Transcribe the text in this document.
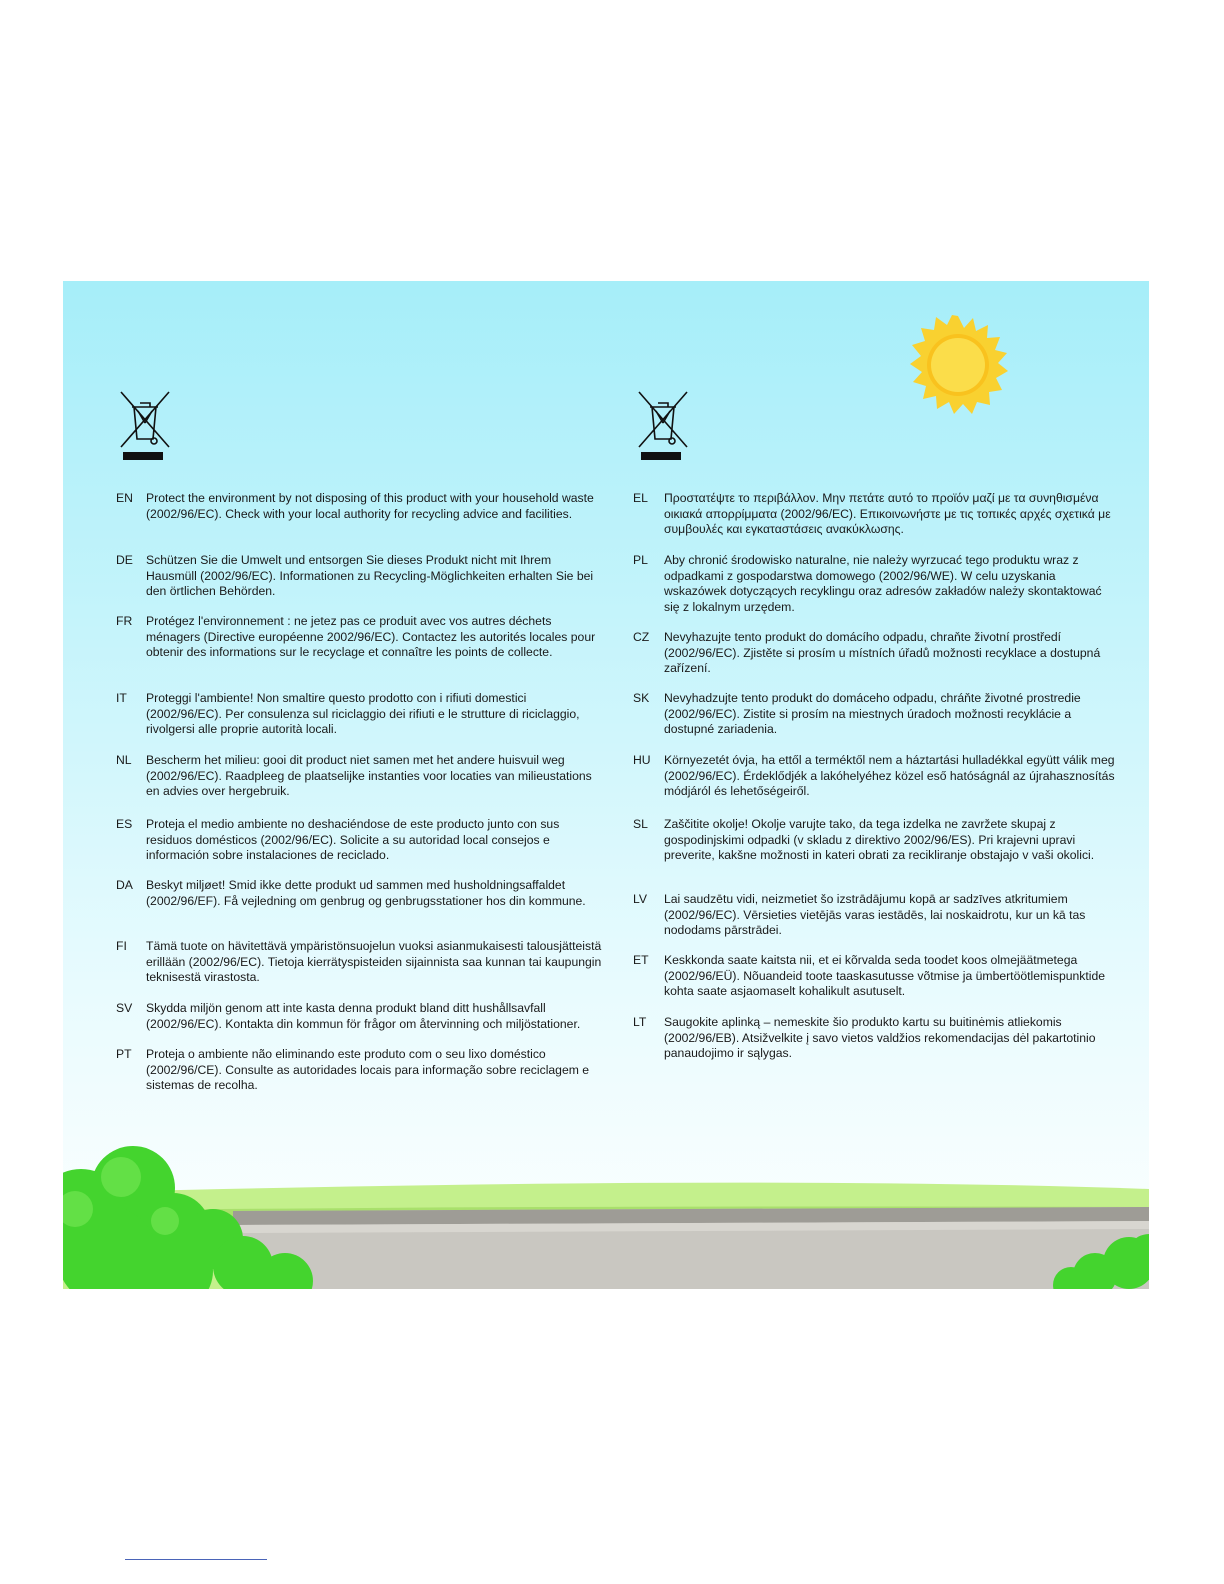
EN	Protect the environment by not disposing of this product with your household waste (2002/96/EC). Check with your local authority for recycling advice and facilities.
DE	Schützen Sie die Umwelt und entsorgen Sie dieses Produkt nicht mit Ihrem Hausmüll (2002/96/EC). Informationen zu Recycling-Möglichkeiten erhalten Sie bei den örtlichen Behörden.
FR	Protégez l'environnement : ne jetez pas ce produit avec vos autres déchets ménagers (Directive européenne 2002/96/EC). Contactez les autorités locales pour obtenir des informations sur le recyclage et connaître les points de collecte.
IT	Proteggi l'ambiente! Non smaltire questo prodotto con i rifiuti domestici (2002/96/EC). Per consulenza sul riciclaggio dei rifiuti e le strutture di riciclaggio, rivolgersi alle proprie autorità locali.
NL	Bescherm het milieu: gooi dit product niet samen met het andere huisvuil weg (2002/96/EC). Raadpleeg de plaatselijke instanties voor locaties van milieustations en advies over hergebruik.
ES	Proteja el medio ambiente no deshaciéndose de este producto junto con sus residuos domésticos (2002/96/EC). Solicite a su autoridad local consejos e información sobre instalaciones de reciclado.
DA	Beskyt miljøet! Smid ikke dette produkt ud sammen med husholdningsaffaldet (2002/96/EF). Få vejledning om genbrug og genbrugsstationer hos din kommune.
FI	Tämä tuote on hävitettävä ympäristönsuojelun vuoksi asianmukaisesti talousjätteistä erillään (2002/96/EC). Tietoja kierrätyspisteiden sijainnista saa kunnan tai kaupungin teknisestä virastosta.
SV	Skydda miljön genom att inte kasta denna produkt bland ditt hushållsavfall (2002/96/EC). Kontakta din kommun för frågor om återvinning och miljöstationer.
PT	Proteja o ambiente não eliminando este produto com o seu lixo doméstico (2002/96/CE). Consulte as autoridades locais para informação sobre reciclagem e sistemas de recolha.
EL	Προστατέψτε το περιβάλλον. Μην πετάτε αυτό το προϊόν μαζί με τα συνηθισμένα οικιακά απορρίμματα (2002/96/EC). Επικοινωνήστε με τις τοπικές αρχές σχετικά με συμβουλές και εγκαταστάσεις ανακύκλωσης.
PL	Aby chronić środowisko naturalne, nie należy wyrzucać tego produktu wraz z odpadkami z gospodarstwa domowego (2002/96/WE). W celu uzyskania wskazówek dotyczących recyklingu oraz adresów zakładów należy skontaktować się z lokalnym urzędem.
CZ	Nevyhazujte tento produkt do domácího odpadu, chraňte životní prostředí (2002/96/EC). Zjistěte si prosím u místních úřadů možnosti recyklace a dostupná zařízení.
SK	Nevyhadzujte tento produkt do domáceho odpadu, chráňte životné prostredie (2002/96/EC). Zistite si prosím na miestnych úradoch možnosti recyklácie a dostupné zariadenia.
HU	Környezetét óvja, ha ettől a terméktől nem a háztartási hulladékkal együtt válik meg (2002/96/EC). Érdeklődjék a lakóhelyéhez közel eső hatóságnál az újrahasznosítás módjáról és lehetőségeiről.
SL	Zaščitite okolje! Okolje varujte tako, da tega izdelka ne zavržete skupaj z gospodinjskimi odpadki (v skladu z direktivo 2002/96/ES). Pri krajevni upravi preverite, kakšne možnosti in kateri obrati za recikliranje obstajajo v vaši okolici.
LV	Lai saudzētu vidi, neizmetiet šo izstrādājumu kopā ar sadzīves atkritumiem (2002/96/EC). Vērsieties vietējās varas iestādēs, lai noskaidrotu, kur un kā tas nododams pārstrādei.
ET	Keskkonda saate kaitsta nii, et ei kõrvalda seda toodet koos olmejäätmetega (2002/96/EÜ). Nõuandeid toote taaskasutusse võtmise ja ümbertöötlemispunktide kohta saate asjaomaselt kohalikult asutuselt.
LT	Saugokite aplinką – nemeskite šio produkto kartu su buitinėmis atliekomis (2002/96/EB). Atsižvelkite į savo vietos valdžios rekomendacijas dėl pakartotinio panaudojimo ir sąlygas.
